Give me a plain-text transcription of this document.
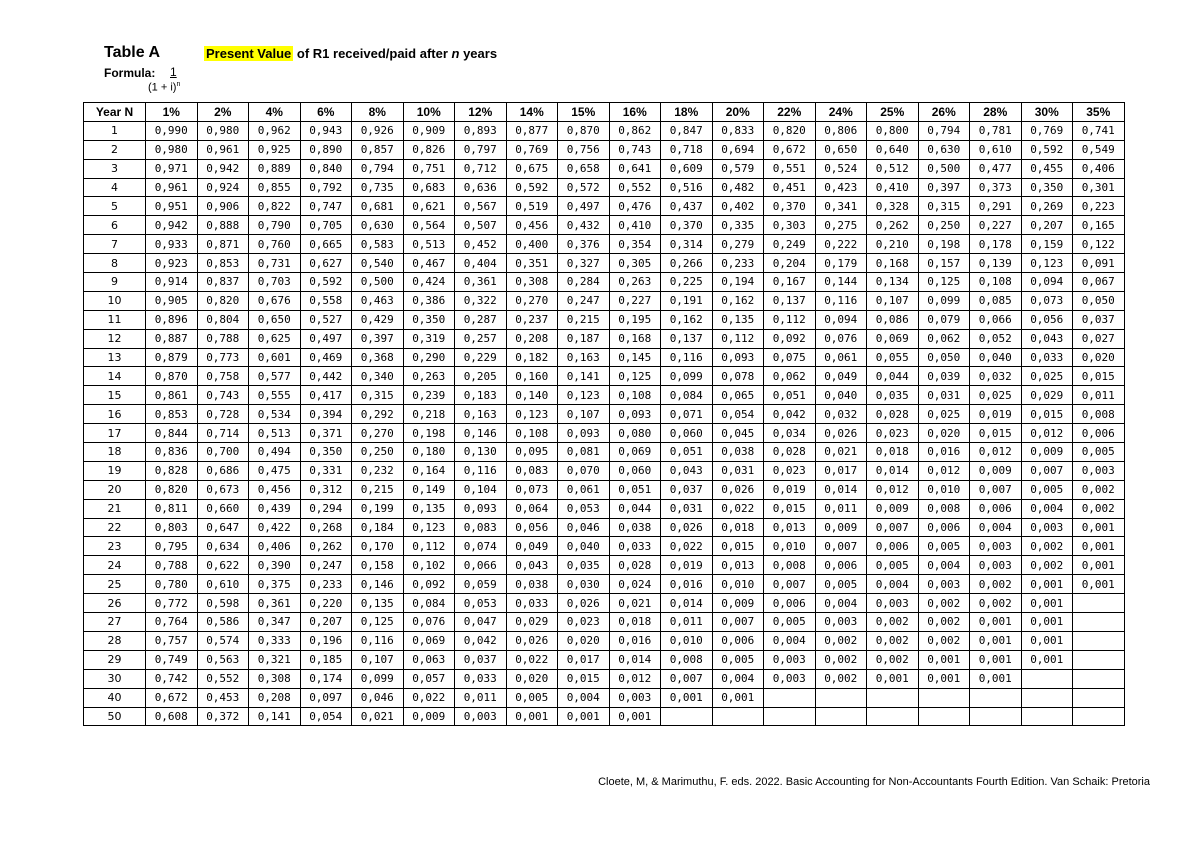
Table A	Present Value of R1 received/paid after n years
Formula: 1
$(1 + i)^n$
Year N	1%	2%	4%	6%	8%	10%	12%	14%	15%	16%	18%	20%	22%	24%	25%	26%	28%	30%	35%
1	0,990	0,980	0,962	0,943	0,926	0,909	0,893	0,877	0,870	0,862	0,847	0,833	0,820	0,806	0,800	0,794	0,781	0,769	0,741
2	0,980	0,961	0,925	0,890	0,857	0,826	0,797	0,769	0,756	0,743	0,718	0,694	0,672	0,650	0,640	0,630	0,610	0,592	0,549
3	0,971	0,942	0,889	0,840	0,794	0,751	0,712	0,675	0,658	0,641	0,609	0,579	0,551	0,524	0,512	0,500	0,477	0,455	0,406
4	0,961	0,924	0,855	0,792	0,735	0,683	0,636	0,592	0,572	0,552	0,516	0,482	0,451	0,423	0,410	0,397	0,373	0,350	0,301
5	0,951	0,906	0,822	0,747	0,681	0,621	0,567	0,519	0,497	0,476	0,437	0,402	0,370	0,341	0,328	0,315	0,291	0,269	0,223
6	0,942	0,888	0,790	0,705	0,630	0,564	0,507	0,456	0,432	0,410	0,370	0,335	0,303	0,275	0,262	0,250	0,227	0,207	0,165
7	0,933	0,871	0,760	0,665	0,583	0,513	0,452	0,400	0,376	0,354	0,314	0,279	0,249	0,222	0,210	0,198	0,178	0,159	0,122
8	0,923	0,853	0,731	0,627	0,540	0,467	0,404	0,351	0,327	0,305	0,266	0,233	0,204	0,179	0,168	0,157	0,139	0,123	0,091
9	0,914	0,837	0,703	0,592	0,500	0,424	0,361	0,308	0,284	0,263	0,225	0,194	0,167	0,144	0,134	0,125	0,108	0,094	0,067
10	0,905	0,820	0,676	0,558	0,463	0,386	0,322	0,270	0,247	0,227	0,191	0,162	0,137	0,116	0,107	0,099	0,085	0,073	0,050
11	0,896	0,804	0,650	0,527	0,429	0,350	0,287	0,237	0,215	0,195	0,162	0,135	0,112	0,094	0,086	0,079	0,066	0,056	0,037
12	0,887	0,788	0,625	0,497	0,397	0,319	0,257	0,208	0,187	0,168	0,137	0,112	0,092	0,076	0,069	0,062	0,052	0,043	0,027
13	0,879	0,773	0,601	0,469	0,368	0,290	0,229	0,182	0,163	0,145	0,116	0,093	0,075	0,061	0,055	0,050	0,040	0,033	0,020
14	0,870	0,758	0,577	0,442	0,340	0,263	0,205	0,160	0,141	0,125	0,099	0,078	0,062	0,049	0,044	0,039	0,032	0,025	0,015
15	0,861	0,743	0,555	0,417	0,315	0,239	0,183	0,140	0,123	0,108	0,084	0,065	0,051	0,040	0,035	0,031	0,025	0,029	0,011
16	0,853	0,728	0,534	0,394	0,292	0,218	0,163	0,123	0,107	0,093	0,071	0,054	0,042	0,032	0,028	0,025	0,019	0,015	0,008
17	0,844	0,714	0,513	0,371	0,270	0,198	0,146	0,108	0,093	0,080	0,060	0,045	0,034	0,026	0,023	0,020	0,015	0,012	0,006
18	0,836	0,700	0,494	0,350	0,250	0,180	0,130	0,095	0,081	0,069	0,051	0,038	0,028	0,021	0,018	0,016	0,012	0,009	0,005
19	0,828	0,686	0,475	0,331	0,232	0,164	0,116	0,083	0,070	0,060	0,043	0,031	0,023	0,017	0,014	0,012	0,009	0,007	0,003
20	0,820	0,673	0,456	0,312	0,215	0,149	0,104	0,073	0,061	0,051	0,037	0,026	0,019	0,014	0,012	0,010	0,007	0,005	0,002
21	0,811	0,660	0,439	0,294	0,199	0,135	0,093	0,064	0,053	0,044	0,031	0,022	0,015	0,011	0,009	0,008	0,006	0,004	0,002
22	0,803	0,647	0,422	0,268	0,184	0,123	0,083	0,056	0,046	0,038	0,026	0,018	0,013	0,009	0,007	0,006	0,004	0,003	0,001
23	0,795	0,634	0,406	0,262	0,170	0,112	0,074	0,049	0,040	0,033	0,022	0,015	0,010	0,007	0,006	0,005	0,003	0,002	0,001
24	0,788	0,622	0,390	0,247	0,158	0,102	0,066	0,043	0,035	0,028	0,019	0,013	0,008	0,006	0,005	0,004	0,003	0,002	0,001
25	0,780	0,610	0,375	0,233	0,146	0,092	0,059	0,038	0,030	0,024	0,016	0,010	0,007	0,005	0,004	0,003	0,002	0,001	0,001
26	0,772	0,598	0,361	0,220	0,135	0,084	0,053	0,033	0,026	0,021	0,014	0,009	0,006	0,004	0,003	0,002	0,002	0,001	
27	0,764	0,586	0,347	0,207	0,125	0,076	0,047	0,029	0,023	0,018	0,011	0,007	0,005	0,003	0,002	0,002	0,001	0,001	
28	0,757	0,574	0,333	0,196	0,116	0,069	0,042	0,026	0,020	0,016	0,010	0,006	0,004	0,002	0,002	0,002	0,001	0,001	
29	0,749	0,563	0,321	0,185	0,107	0,063	0,037	0,022	0,017	0,014	0,008	0,005	0,003	0,002	0,002	0,001	0,001	0,001	
30	0,742	0,552	0,308	0,174	0,099	0,057	0,033	0,020	0,015	0,012	0,007	0,004	0,003	0,002	0,001	0,001	0,001		
40	0,672	0,453	0,208	0,097	0,046	0,022	0,011	0,005	0,004	0,003	0,001	0,001							
50	0,608	0,372	0,141	0,054	0,021	0,009	0,003	0,001	0,001	0,001									
Cloete, M, & Marimuthu, F. eds. 2022. Basic Accounting for Non-Accountants Fourth Edition. Van Schaik: Pretoria
